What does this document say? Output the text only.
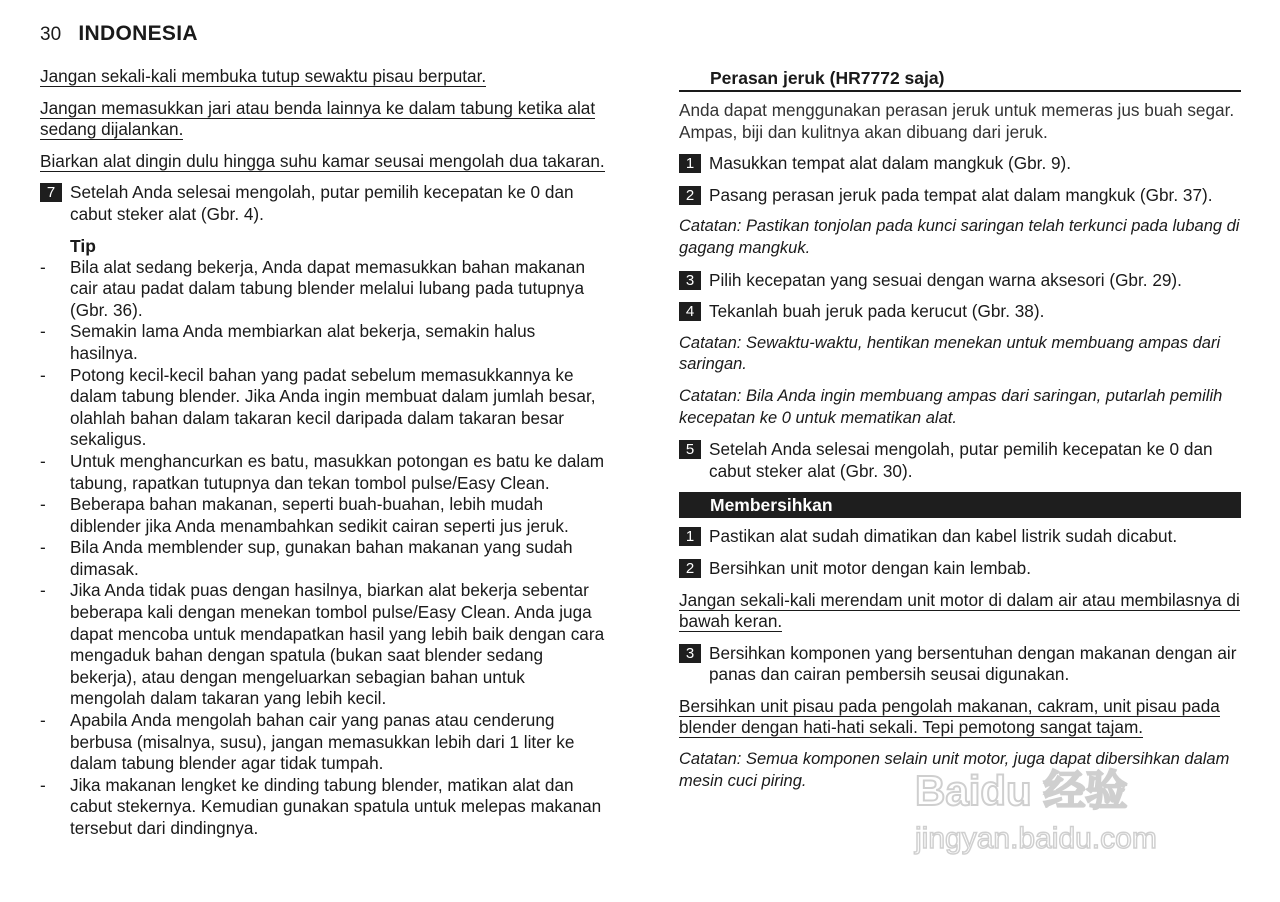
30 INDONESIA

Jangan sekali-kali membuka tutup sewaktu pisau berputar.

Jangan memasukkan jari atau benda lainnya ke dalam tabung ketika alat sedang dijalankan.

Biarkan alat dingin dulu hingga suhu kamar seusai mengolah dua takaran.

7 Setelah Anda selesai mengolah, putar pemilih kecepatan ke 0 dan cabut steker alat (Gbr. 4).
Tip
- Bila alat sedang bekerja, Anda dapat memasukkan bahan makanan cair atau padat dalam tabung blender melalui lubang pada tutupnya (Gbr. 36).
- Semakin lama Anda membiarkan alat bekerja, semakin halus hasilnya.
- Potong kecil-kecil bahan yang padat sebelum memasukkannya ke dalam tabung blender. Jika Anda ingin membuat dalam jumlah besar, olahlah bahan dalam takaran kecil daripada dalam takaran besar sekaligus.
- Untuk menghancurkan es batu, masukkan potongan es batu ke dalam tabung, rapatkan tutupnya dan tekan tombol pulse/Easy Clean.
- Beberapa bahan makanan, seperti buah-buahan, lebih mudah diblender jika Anda menambahkan sedikit cairan seperti jus jeruk.
- Bila Anda memblender sup, gunakan bahan makanan yang sudah dimasak.
- Jika Anda tidak puas dengan hasilnya, biarkan alat bekerja sebentar beberapa kali dengan menekan tombol pulse/Easy Clean. Anda juga dapat mencoba untuk mendapatkan hasil yang lebih baik dengan cara mengaduk bahan dengan spatula (bukan saat blender sedang bekerja), atau dengan mengeluarkan sebagian bahan untuk mengolah dalam takaran yang lebih kecil.
- Apabila Anda mengolah bahan cair yang panas atau cenderung berbusa (misalnya, susu), jangan memasukkan lebih dari 1 liter ke dalam tabung blender agar tidak tumpah.
- Jika makanan lengket ke dinding tabung blender, matikan alat dan cabut stekernya. Kemudian gunakan spatula untuk melepas makanan tersebut dari dindingnya.
Perasan jeruk (HR7772 saja)

Anda dapat menggunakan perasan jeruk untuk memeras jus buah segar. Ampas, biji dan kulitnya akan dibuang dari jeruk.

1 Masukkan tempat alat dalam mangkuk (Gbr. 9).
2 Pasang perasan jeruk pada tempat alat dalam mangkuk (Gbr. 37).

Catatan: Pastikan tonjolan pada kunci saringan telah terkunci pada lubang di gagang mangkuk.

3 Pilih kecepatan yang sesuai dengan warna aksesori (Gbr. 29).
4 Tekanlah buah jeruk pada kerucut (Gbr. 38).

Catatan: Sewaktu-waktu, hentikan menekan untuk membuang ampas dari saringan.

Catatan: Bila Anda ingin membuang ampas dari saringan, putarlah pemilih kecepatan ke 0 untuk mematikan alat.

5 Setelah Anda selesai mengolah, putar pemilih kecepatan ke 0 dan cabut steker alat (Gbr. 30).
Membersihkan
1 Pastikan alat sudah dimatikan dan kabel listrik sudah dicabut.
2 Bersihkan unit motor dengan kain lembab.

Jangan sekali-kali merendam unit motor di dalam air atau membilasnya di bawah keran.

3 Bersihkan komponen yang bersentuhan dengan makanan dengan air panas dan cairan pembersih seusai digunakan.

Bersihkan unit pisau pada pengolah makanan, cakram, unit pisau pada blender dengan hati-hati sekali. Tepi pemotong sangat tajam.

Catatan: Semua komponen selain unit motor, juga dapat dibersihkan dalam mesin cuci piring.	Baidu 经验
jingyan.baidu.com
